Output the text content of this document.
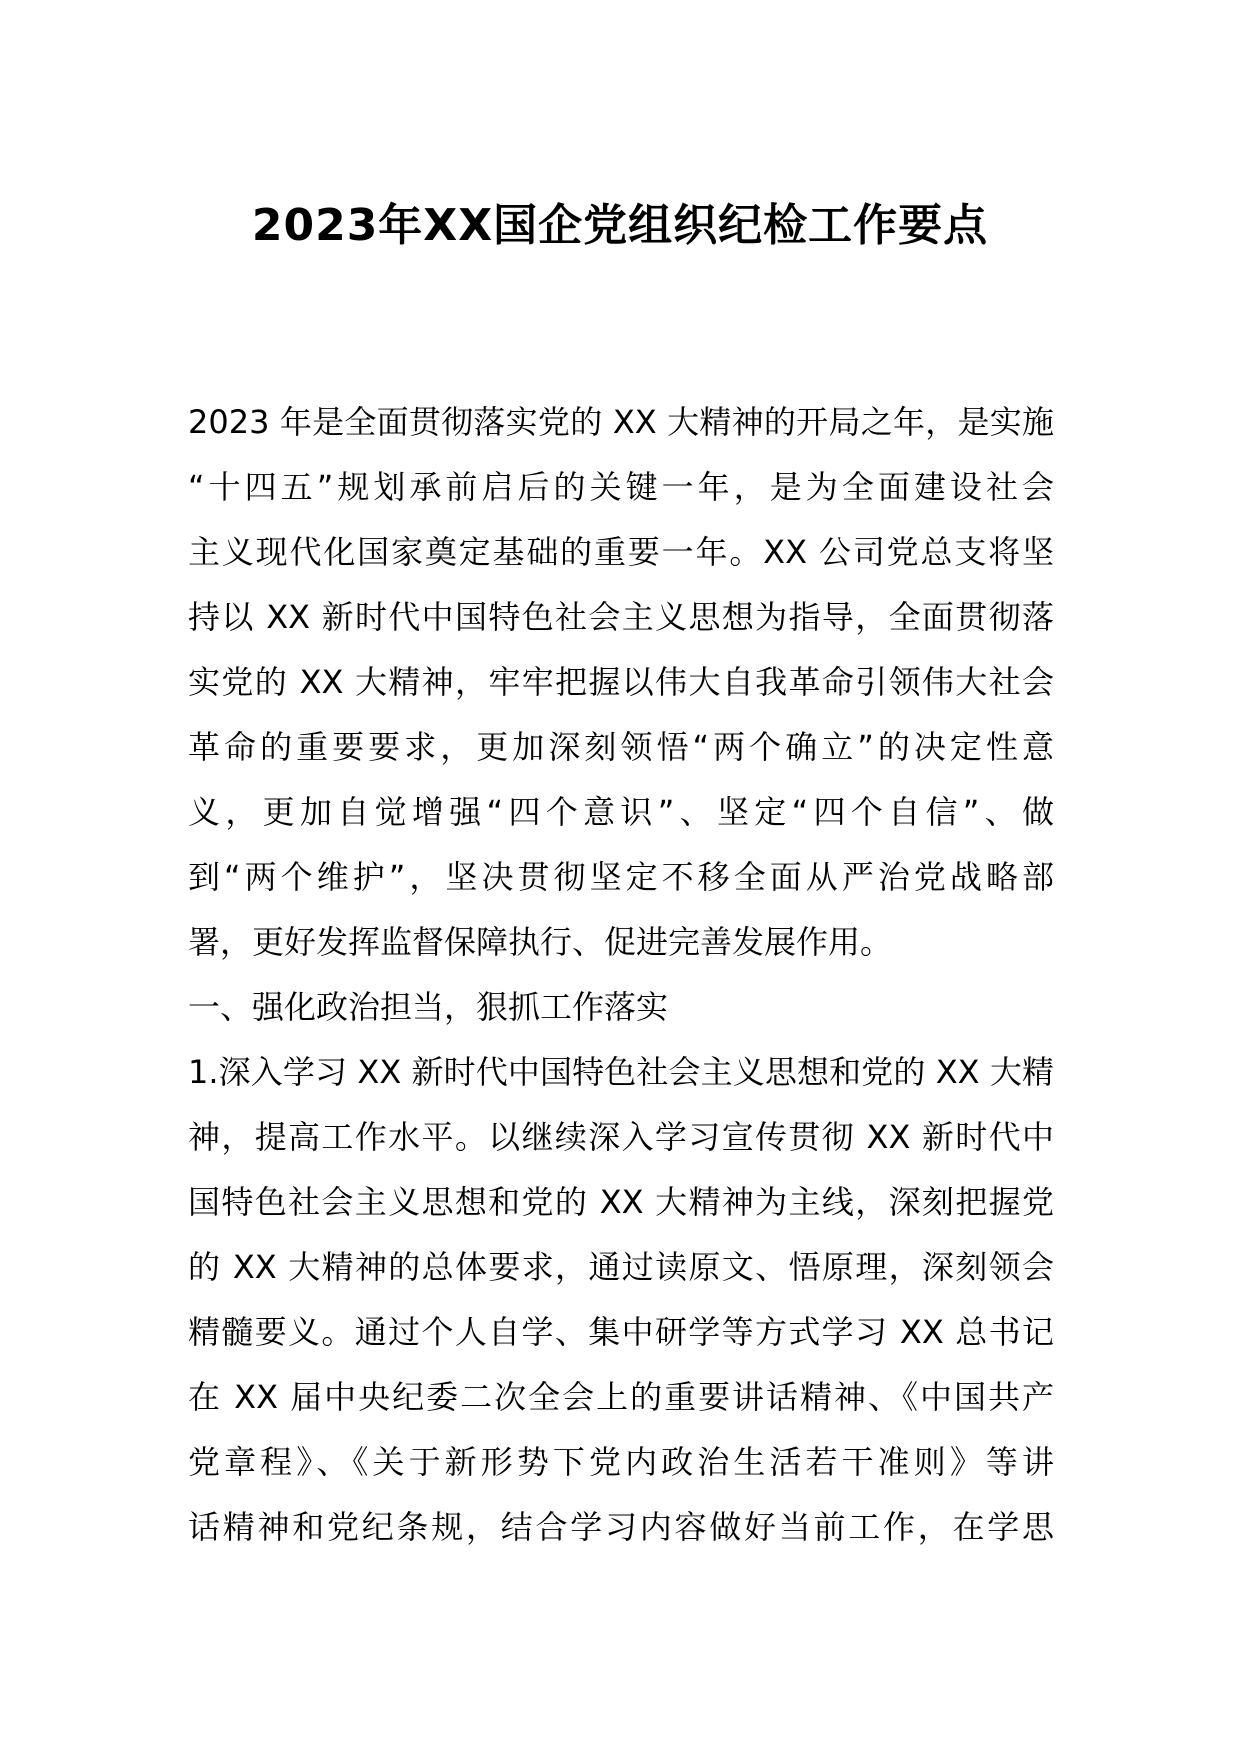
2023年XX国企党组织纪检工作要点
2023 年是全面贯彻落实党的 XX 大精神的开局之年，是实施
“十四五”规划承前启后的关键一年，是为全面建设社会
主义现代化国家奠定基础的重要一年。XX 公司党总支将坚
持以 XX 新时代中国特色社会主义思想为指导，全面贯彻落
实党的 XX 大精神，牢牢把握以伟大自我革命引领伟大社会
革命的重要要求，更加深刻领悟“两个确立”的决定性意
义，更加自觉增强“四个意识”、坚定“四个自信”、做
到“两个维护”，坚决贯彻坚定不移全面从严治党战略部
署，更好发挥监督保障执行、促进完善发展作用。
一、强化政治担当，狠抓工作落实
1.深入学习 XX 新时代中国特色社会主义思想和党的 XX 大精
神，提高工作水平。以继续深入学习宣传贯彻 XX 新时代中
国特色社会主义思想和党的 XX 大精神为主线，深刻把握党
的 XX 大精神的总体要求，通过读原文、悟原理，深刻领会
精髓要义。通过个人自学、集中研学等方式学习 XX 总书记
在 XX 届中央纪委二次全会上的重要讲话精神、《中国共产
党章程》、《关于新形势下党内政治生活若干准则》等讲
话精神和党纪条规，结合学习内容做好当前工作，在学思
